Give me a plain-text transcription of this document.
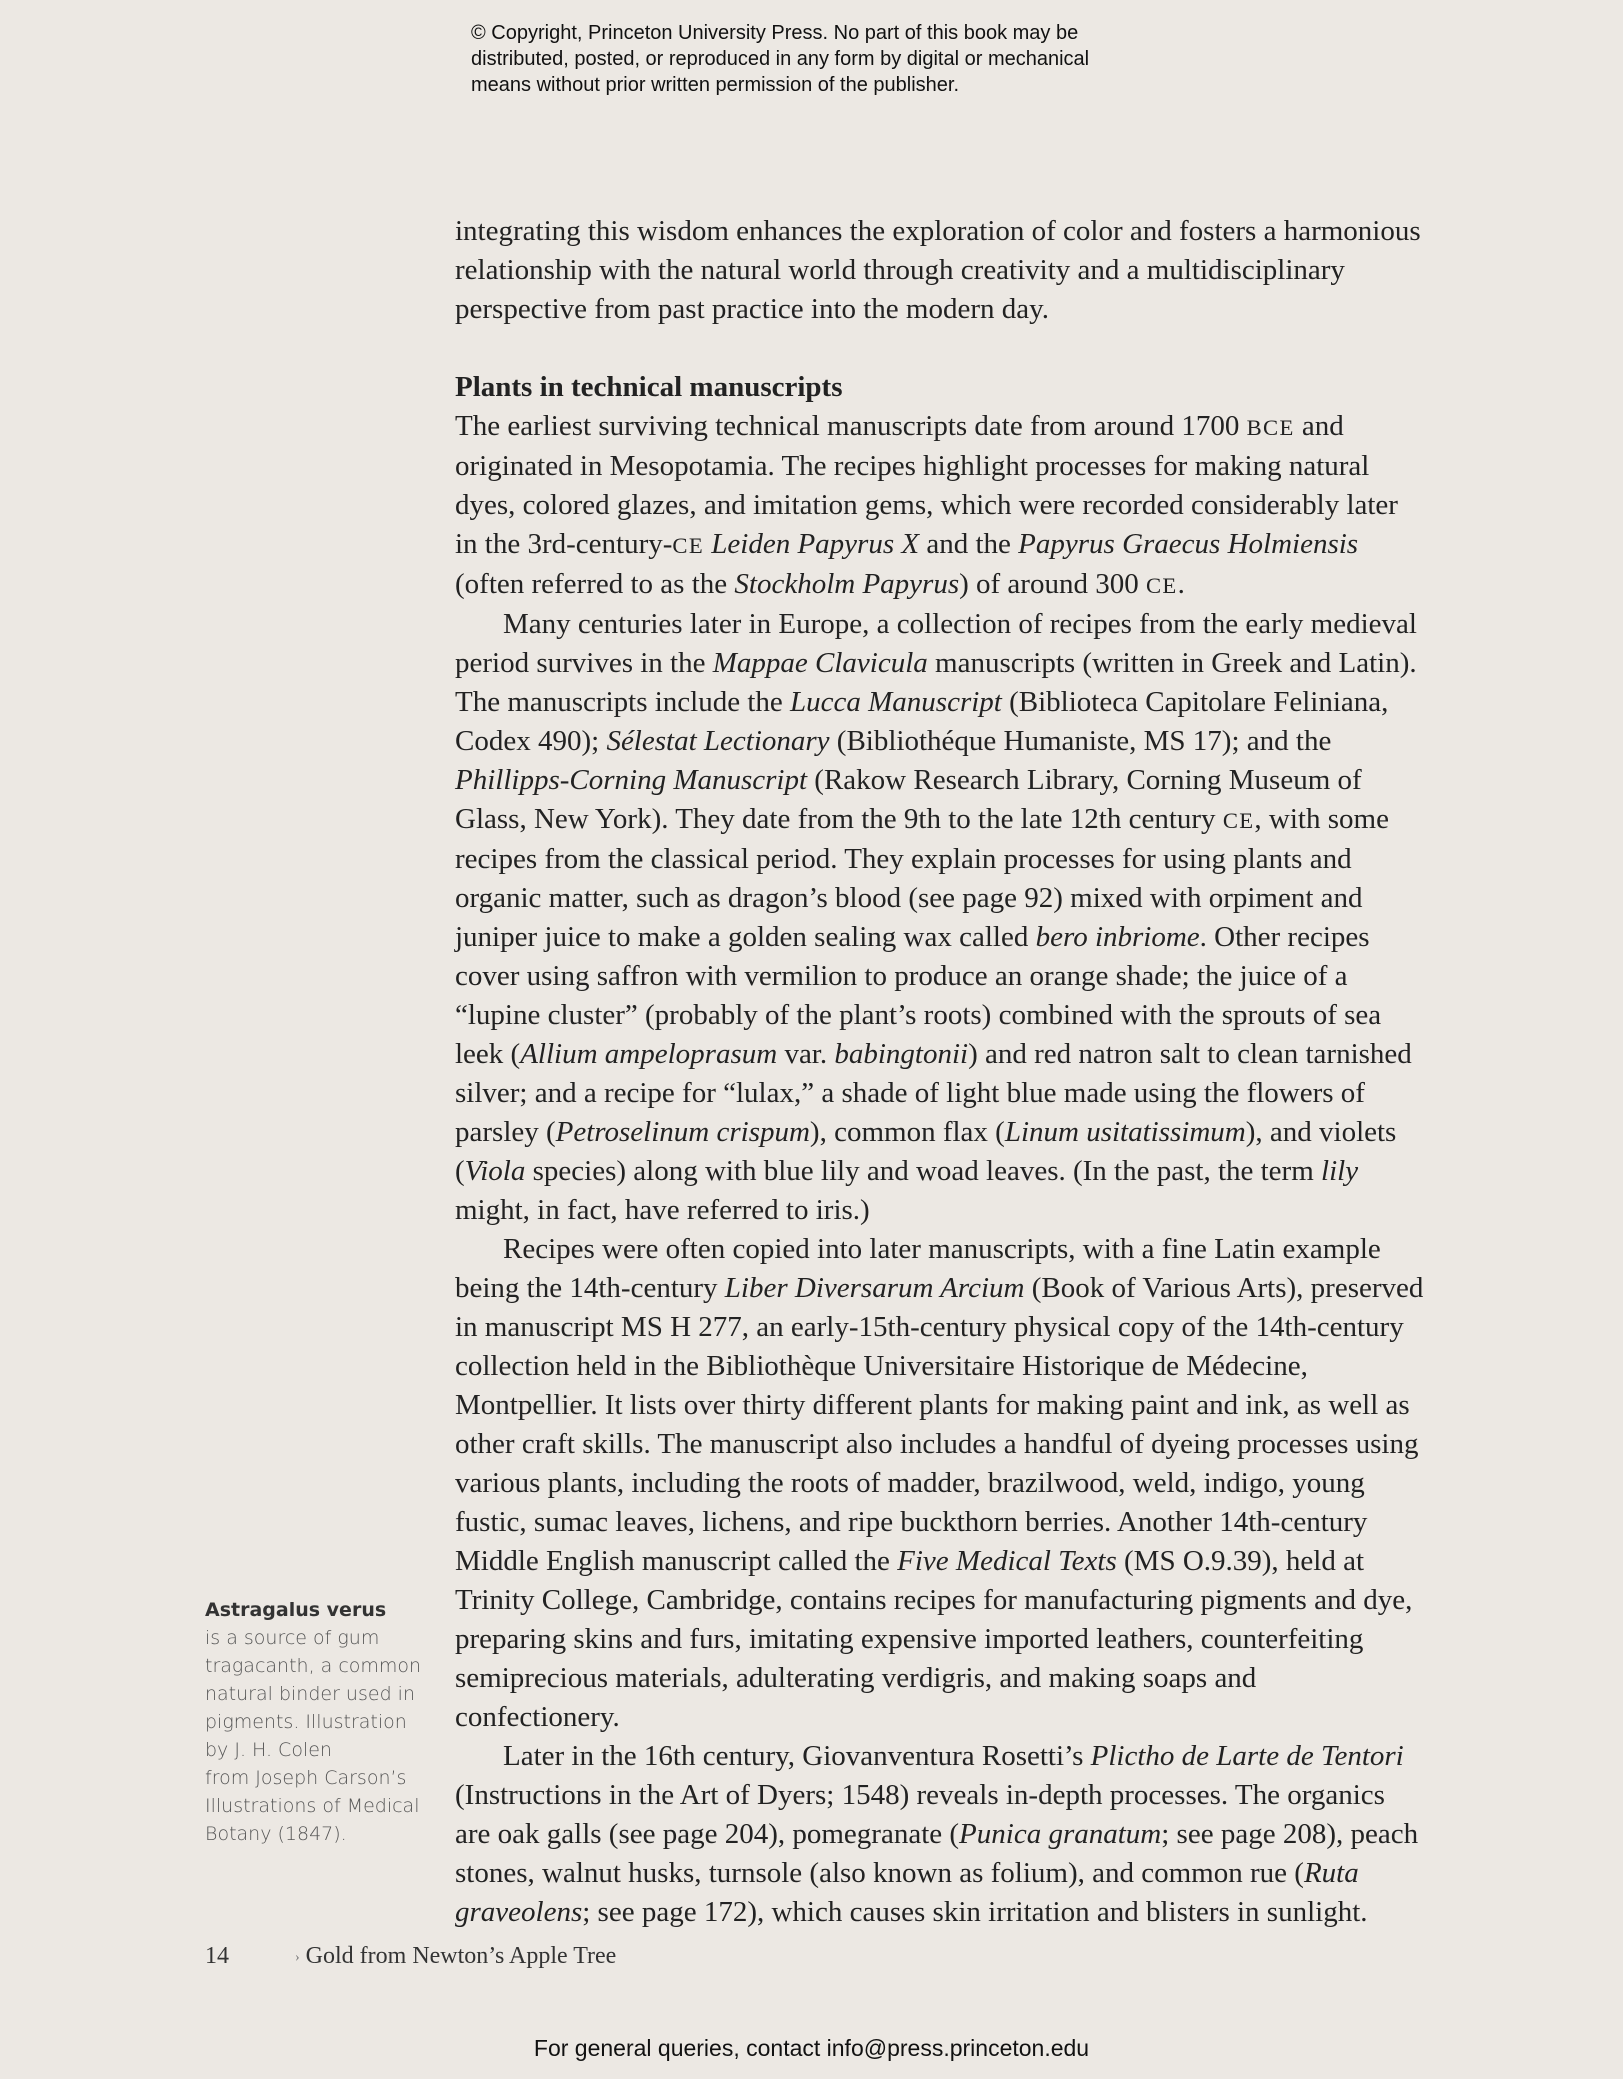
© Copyright, Princeton University Press. No part of this book may be
distributed, posted, or reproduced in any form by digital or mechanical
means without prior written permission of the publisher.

integrating this wisdom enhances the exploration of color and fosters a harmonious relationship with the natural world through creativity and a multidisciplinary perspective from past practice into the modern day.

Plants in technical manuscripts

The earliest surviving technical manuscripts date from around 1700 BCE and originated in Mesopotamia. The recipes highlight processes for making natural dyes, colored glazes, and imitation gems, which were recorded considerably later in the 3rd-century-CE Leiden Papyrus X and the Papyrus Graecus Holmiensis (often referred to as the Stockholm Papyrus) of around 300 CE.

Many centuries later in Europe, a collection of recipes from the early medieval period survives in the Mappae Clavicula manuscripts (written in Greek and Latin). The manuscripts include the Lucca Manuscript (Biblioteca Capitolare Feliniana, Codex 490); Sélestat Lectionary (Bibliothéque Humaniste, MS 17); and the Phillipps-Corning Manuscript (Rakow Research Library, Corning Museum of Glass, New York). They date from the 9th to the late 12th century CE, with some recipes from the classical period. They explain processes for using plants and organic matter, such as dragon’s blood (see page 92) mixed with orpiment and juniper juice to make a golden sealing wax called bero inbriome. Other recipes cover using saffron with vermilion to produce an orange shade; the juice of a “lupine cluster” (probably of the plant’s roots) combined with the sprouts of sea leek (Allium ampeloprasum var. babingtonii) and red natron salt to clean tarnished silver; and a recipe for “lulax,” a shade of light blue made using the flowers of parsley (Petroselinum crispum), common flax (Linum usitatissimum), and violets (Viola species) along with blue lily and woad leaves. (In the past, the term lily might, in fact, have referred to iris.)

Recipes were often copied into later manuscripts, with a fine Latin example being the 14th-century Liber Diversarum Arcium (Book of Various Arts), preserved in manuscript MS H 277, an early-15th-century physical copy of the 14th-century collection held in the Bibliothèque Universitaire Historique de Médecine, Montpellier. It lists over thirty different plants for making paint and ink, as well as other craft skills. The manuscript also includes a handful of dyeing processes using various plants, including the roots of madder, brazilwood, weld, indigo, young fustic, sumac leaves, lichens, and ripe buckthorn berries. Another 14th-century Middle English manuscript called the Five Medical Texts (MS O.9.39), held at Trinity College, Cambridge, contains recipes for manufacturing pigments and dye, preparing skins and furs, imitating expensive imported leathers, counterfeiting semiprecious materials, adulterating verdigris, and making soaps and confectionery.

Later in the 16th century, Giovanventura Rosetti’s Plictho de Larte de Tentori (Instructions in the Art of Dyers; 1548) reveals in-depth processes. The organics are oak galls (see page 204), pomegranate (Punica granatum; see page 208), peach stones, walnut husks, turnsole (also known as folium), and common rue (Ruta graveolens; see page 172), which causes skin irritation and blisters in sunlight.

Astragalus verus
is a source of gum
tragacanth, a common
natural binder used in
pigments. Illustration
by J. H. Colen
from Joseph Carson’s
Illustrations of Medical
Botany (1847).
14	› Gold from Newton’s Apple Tree
For general queries, contact info@press.princeton.edu
